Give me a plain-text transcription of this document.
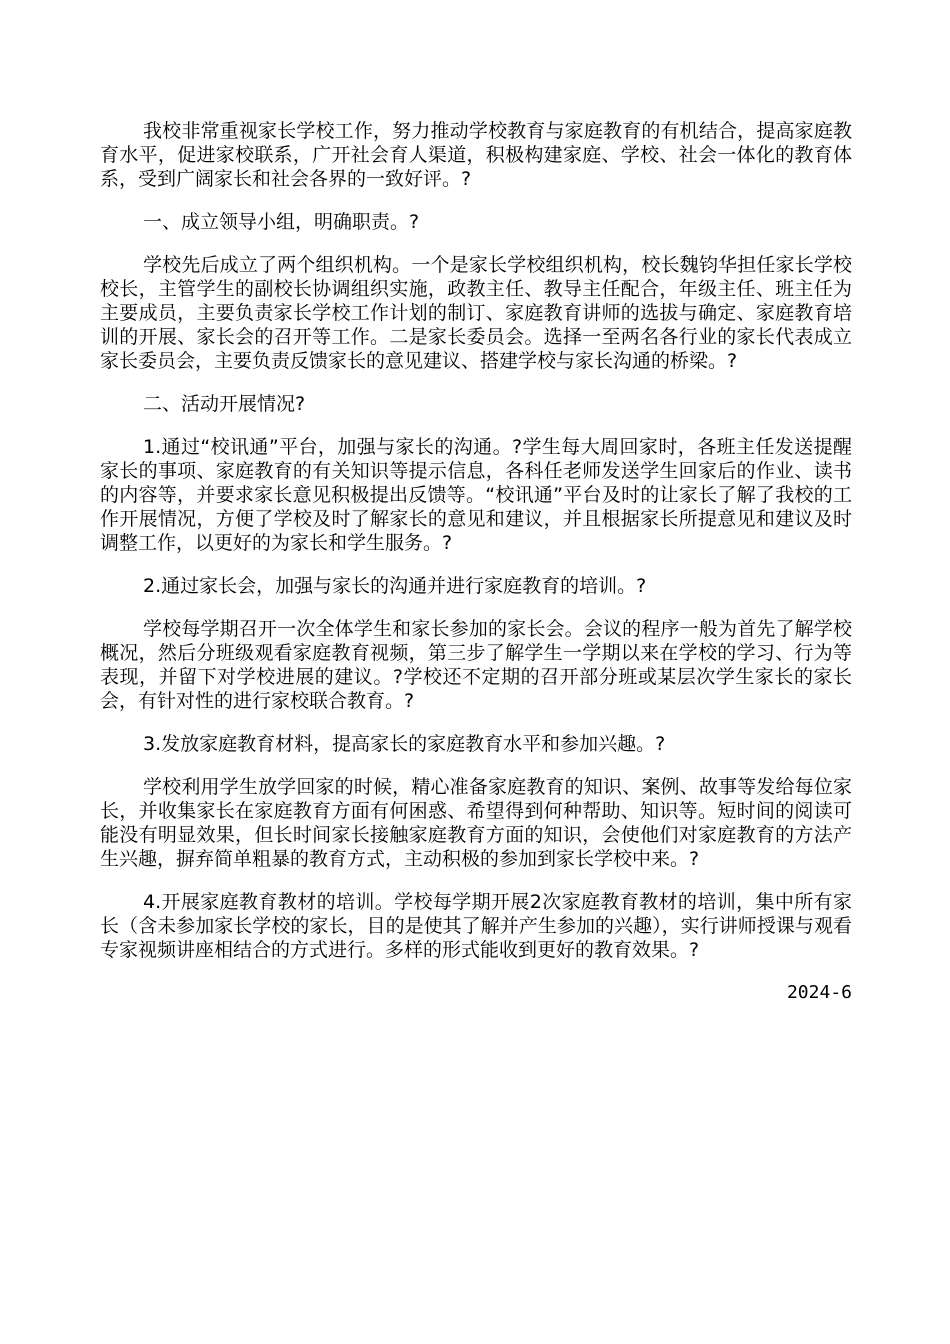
我校非常重视家长学校工作，努力推动学校教育与家庭教育的有机结合，提高家庭教育水平，促进家校联系，广开社会育人渠道，积极构建家庭、学校、社会一体化的教育体系，受到广阔家长和社会各界的一致好评。?

一、成立领导小组，明确职责。?

学校先后成立了两个组织机构。一个是家长学校组织机构，校长魏钧华担任家长学校校长，主管学生的副校长协调组织实施，政教主任、教导主任配合，年级主任、班主任为主要成员，主要负责家长学校工作计划的制订、家庭教育讲师的选拔与确定、家庭教育培训的开展、家长会的召开等工作。二是家长委员会。选择一至两名各行业的家长代表成立家长委员会，主要负责反馈家长的意见建议、搭建学校与家长沟通的桥梁。?

二、活动开展情况?

1.通过“校讯通”平台，加强与家长的沟通。?学生每大周回家时，各班主任发送提醒家长的事项、家庭教育的有关知识等提示信息，各科任老师发送学生回家后的作业、读书的内容等，并要求家长意见积极提出反馈等。“校讯通”平台及时的让家长了解了我校的工作开展情况，方便了学校及时了解家长的意见和建议，并且根据家长所提意见和建议及时调整工作，以更好的为家长和学生服务。?

2.通过家长会，加强与家长的沟通并进行家庭教育的培训。?

学校每学期召开一次全体学生和家长参加的家长会。会议的程序一般为首先了解学校概况，然后分班级观看家庭教育视频，第三步了解学生一学期以来在学校的学习、行为等表现，并留下对学校进展的建议。?学校还不定期的召开部分班或某层次学生家长的家长会，有针对性的进行家校联合教育。?

3.发放家庭教育材料，提高家长的家庭教育水平和参加兴趣。?

学校利用学生放学回家的时候，精心准备家庭教育的知识、案例、故事等发给每位家长，并收集家长在家庭教育方面有何困惑、希望得到何种帮助、知识等。短时间的阅读可能没有明显效果，但长时间家长接触家庭教育方面的知识，会使他们对家庭教育的方法产生兴趣，摒弃简单粗暴的教育方式，主动积极的参加到家长学校中来。?

4.开展家庭教育教材的培训。学校每学期开展2次家庭教育教材的培训，集中所有家长（含未参加家长学校的家长，目的是使其了解并产生参加的兴趣），实行讲师授课与观看专家视频讲座相结合的方式进行。多样的形式能收到更好的教育效果。?

2024-6
